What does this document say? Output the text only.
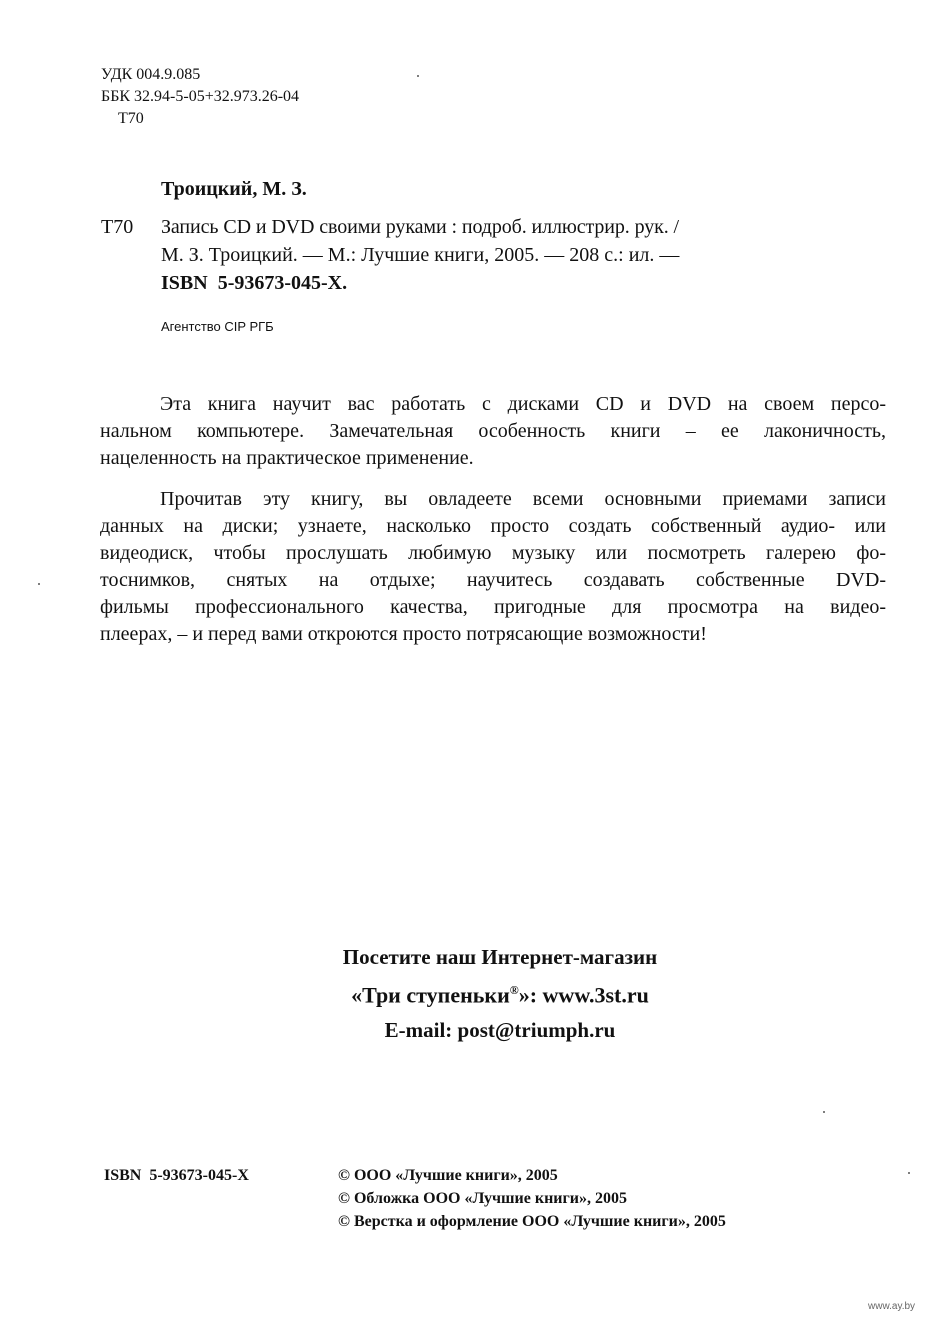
УДК 004.9.085
ББК 32.94-5-05+32.973.26-04
Т70
Троицкий, М. З.
Т70 Запись CD и DVD своими руками : подроб. иллюстрир. рук. /
М. З. Троицкий. — М.: Лучшие книги, 2005. — 208 с.: ил. —
ISBN  5-93673-045-X.
Агентство CIP РГБ
Эта книга научит вас работать с дисками CD и DVD на своем персо-
нальном компьютере. Замечательная особенность книги – ее лаконичность,
нацеленность на практическое применение.
Прочитав эту книгу, вы овладеете всеми основными приемами записи
данных на диски; узнаете, насколько просто создать собственный аудио- или
видеодиск, чтобы прослушать любимую музыку или посмотреть галерею фо-
тоснимков, снятых на отдыхе; научитесь создавать собственные DVD-
фильмы профессионального качества, пригодные для просмотра на видео-
плеерах, – и перед вами откроются просто потрясающие возможности!
Посетите наш Интернет-магазин
«Три ступеньки®»: www.3st.ru
E-mail: post@triumph.ru
ISBN  5-93673-045-X	© ООО «Лучшие книги», 2005
© Обложка ООО «Лучшие книги», 2005
© Верстка и оформление ООО «Лучшие книги», 2005
www.ay.by
